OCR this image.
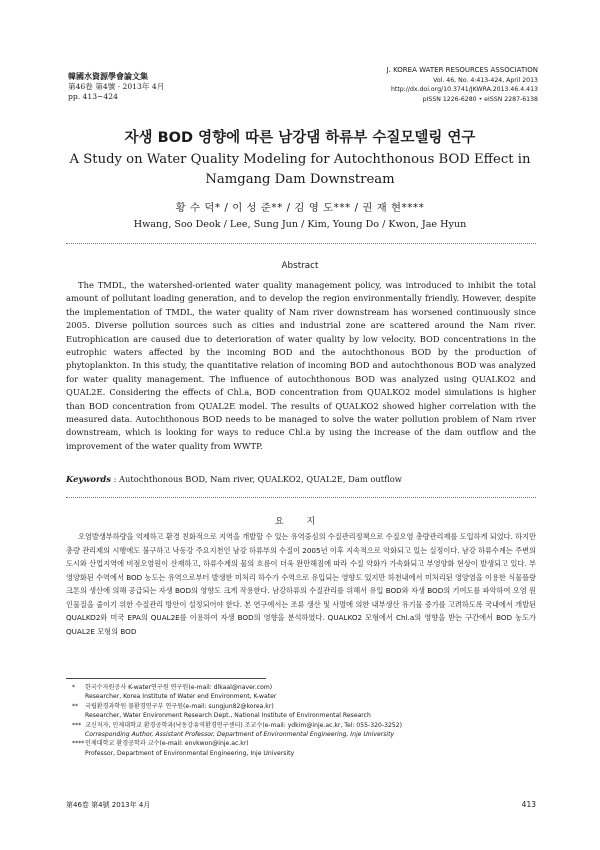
韓國水資源學會論文集
第46卷 第4號 · 2013年 4月
pp. 413~424
J. KOREA WATER RESOURCES ASSOCIATION
Vol. 46, No. 4:413-424, April 2013
http://dx.doi.org/10.3741/JKWRA.2013.46.4.413
pISSN 1226-6280 • eISSN 2287-6138
자생 BOD 영향에 따른 남강댐 하류부 수질모델링 연구
A Study on Water Quality Modeling for Autochthonous BOD Effect in Namgang Dam Downstream
황 수 덕* / 이 성 준** / 김 영 도*** / 권 재 현****
Hwang, Soo Deok / Lee, Sung Jun / Kim, Young Do / Kwon, Jae Hyun
Abstract

The TMDL, the watershed-oriented water quality management policy, was introduced to inhibit the total amount of pollutant loading generation, and to develop the region environmentally friendly. However, despite the implementation of TMDL, the water quality of Nam river downstream has worsened continuously since 2005. Diverse pollution sources such as cities and industrial zone are scattered around the Nam river. Eutrophication are caused due to deterioration of water quality by low velocity. BOD concentrations in the eutrophic waters affected by the incoming BOD and the autochthonous BOD by the production of phytoplankton. In this study, the quantitative relation of incoming BOD and autochthonous BOD was analyzed for water quality management. The influence of autochthonous BOD was analyzed using QUALKO2 and QUAL2E. Considering the effects of Chl.a, BOD concentration from QUALKO2 model simulations is higher than BOD concentration from QUAL2E model. The results of QUALKO2 showed higher correlation with the measured data. Autochthonous BOD needs to be managed to solve the water pollution problem of Nam river downstream, which is looking for ways to reduce Chl.a by using the increase of the dam outflow and the improvement of the water quality from WWTP.

Keywords : Autochthonous BOD, Nam river, QUALKO2, QUAL2E, Dam outflow
요 지

오염발생부하량을 억제하고 환경 친화적으로 지역을 개발할 수 있는 유역중심의 수질관리정책으로 수질오염 총량관리제를 도입하게 되었다. 하지만 총량 관리제의 시행에도 불구하고 낙동강 주요지천인 남강 하류부의 수질이 2005년 이후 지속적으로 악화되고 있는 실정이다. 남강 하류수계는 주변의 도시와 산업지역에 비점오염원이 산재하고, 하류수계의 물의 흐름이 더욱 완만해짐에 따라 수질 악화가 가속화되고 부영양화 현상이 발생되고 있다. 부영양화된 수역에서 BOD 농도는 유역으로부터 발생한 미처리 하수가 수역으로 유입되는 영향도 있지만 하천내에서 미처리된 영양염을 이용한 식물플랑크톤의 생산에 의해 공급되는 자생 BOD의 영향도 크게 작용한다. 남강하류의 수질관리를 위해서 유입 BOD와 자생 BOD의 기여도를 파악하여 오염 원인물질을 줄이기 위한 수질관리 방안이 설정되어야 한다. 본 연구에서는 조류 생산 및 사멸에 의한 내부생산 유기물 증가를 고려하도록 국내에서 개발된 QUALKO2와 미국 EPA의 QUAL2E를 이용하여 자생 BOD의 영향을 분석하였다. QUALKO2 모형에서 Chl.a의 영향을 받는 구간에서 BOD 농도가 QUAL2E 모형의 BOD

* 한국수자원공사 K-water연구원 연구원(e-mail: dlkaal@naver.com)
Researcher, Korea Institute of Water end Environment, K-water
** 국립환경과학원 물환경연구부 연구원(e-mail: sungjun82@korea.kr)
Researcher, Water Environment Research Dept., National Institute of Environmental Research
*** 교신저자, 인제대학교 환경공학과(낙동강유역환경연구센터) 조교수(e-mail: ydkim@inje.ac.kr, Tel: 055-320-3252)
Corresponding Author, Assistant Professor, Department of Environmental Engineering, Inje University
****인제대학교 환경공학과 교수(e-mail: envkwon@inje.ac.kr)
Professor, Department of Environmental Engineering, Inje University
第46卷 第4號 2013年 4月	413
